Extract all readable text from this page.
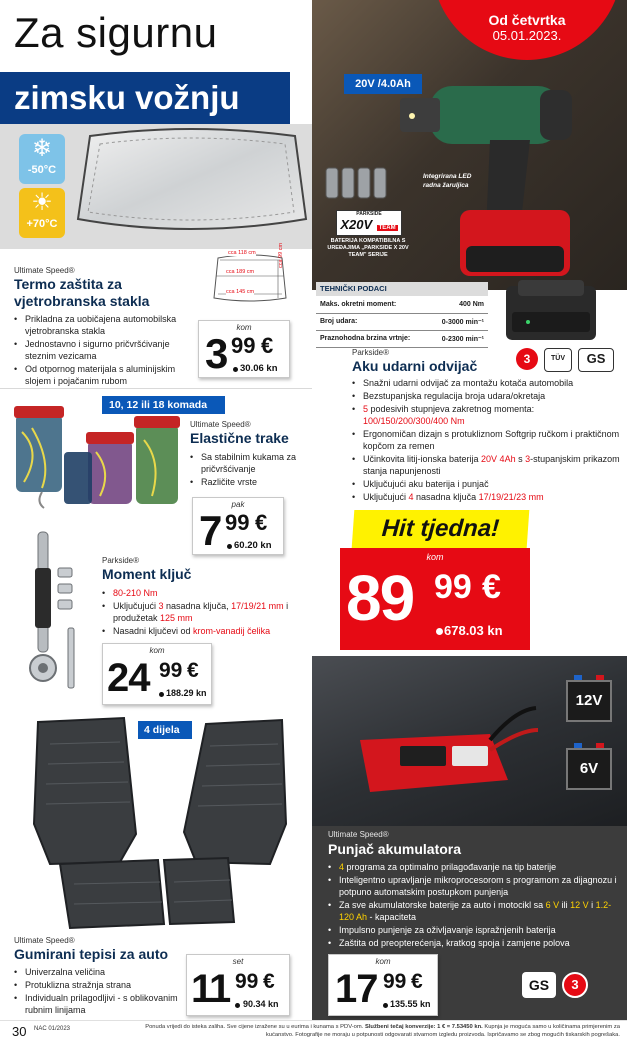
Za sigurnu
zimsku vožnju
❄
-50°C
☀
+70°C
cca 118 cm
cca 189 cm
cca 145 cm
cca 99 cm
Ultimate Speed®
Termo zaštita za
vjetrobranska stakla
• Prikladna za uobičajena automobilska vjetrobranska stakla
• Jednostavno i sigurno pričvršćivanje steznim vezicama
• Od otpornog materijala s aluminijskim slojem i pojačanim rubom
kom
3 99 €
30.06 kn
10, 12 ili 18 komada
Ultimate Speed®
Elastične trake
• Sa stabilnim kukama za pričvršćivanje
• Različite vrste
pak
7 99 €
60.20 kn
Parkside®
Moment ključ
• 80-210 Nm
• Uključujući 3 nasadna ključa, 17/19/21 mm i produžetak 125 mm
• Nasadni ključevi od krom-vanadij čelika
kom
24 99 €
188.29 kn
4 dijela
Ultimate Speed®
Gumirani tepisi za auto
• Univerzalna veličina
• Protuklizna stražnja strana
• Individualn prilagodljivi - s oblikovanim rubnim linijama
set
11 99 €
90.34 kn
Od četvrtka
05.01.2023.
20V /4.0Ah
Integrirana LED
radna žaruljica
PARKSIDE
X20V TEAM
BATERIJA KOMPATIBILNA S UREĐAJIMA „PARKSIDE X 20V TEAM" SERIJE
TEHNIČKI PODACI
Maks. okretni moment:	400 Nm
Broj udara:	0-3000 min⁻¹
Praznohodna brzina vrtnje:	0-2300 min⁻¹
Parkside®
Aku udarni odvijač	3	TÜV	GS
• Snažni udarni odvijač za montažu kotača automobila
• Bezstupanjska regulacija broja udara/okretaja
• 5 podesivih stupnjeva zakretnog momenta:
100/150/200/300/400 Nm
• Ergonomičan dizajn s protukliznom Softgrip ručkom i praktičnom kopčom za remen
• Učinkovita litij-ionska baterija 20V 4Ah s 3-stupanjskim prikazom stanja napunjenosti
• Uključujući aku baterija i punjač
• Uključujući 4 nasadna ključa 17/19/21/23 mm
Hit tjedna!
kom
89 99 €
678.03 kn
12V
6V
Ultimate Speed®
Punjač akumulatora
• 4 programa za optimalno prilagođavanje na tip baterije
• Inteligentno upravljanje mikroprocesorom s programom za dijagnozu i potpuno automatskim postupkom punjenja
• Za sve akumulatorske baterije za auto i motocikl sa 6 V ili 12 V i 1.2-120 Ah - kapaciteta
• Impulsno punjenje za oživljavanje ispražnjenih baterija
• Zaštita od preopterećenja, kratkog spoja i zamjene polova
kom
17 99 €
135.55 kn
GS	3
30 NAC 01/2023	Ponuda vrijedi do isteka zaliha. Sve cijene izražene su u eurima i kunama s PDV-om. Službeni tečaj konverzije: 1 € = 7.53450 kn. Kupnja je moguća samo u količinama primjerenim za kućanstvo. Fotografije ne moraju u potpunosti odgovarati stvarnom izgledu proizvoda. Ispričavamo se zbog mogućih tiskarskih pogrešaka.
